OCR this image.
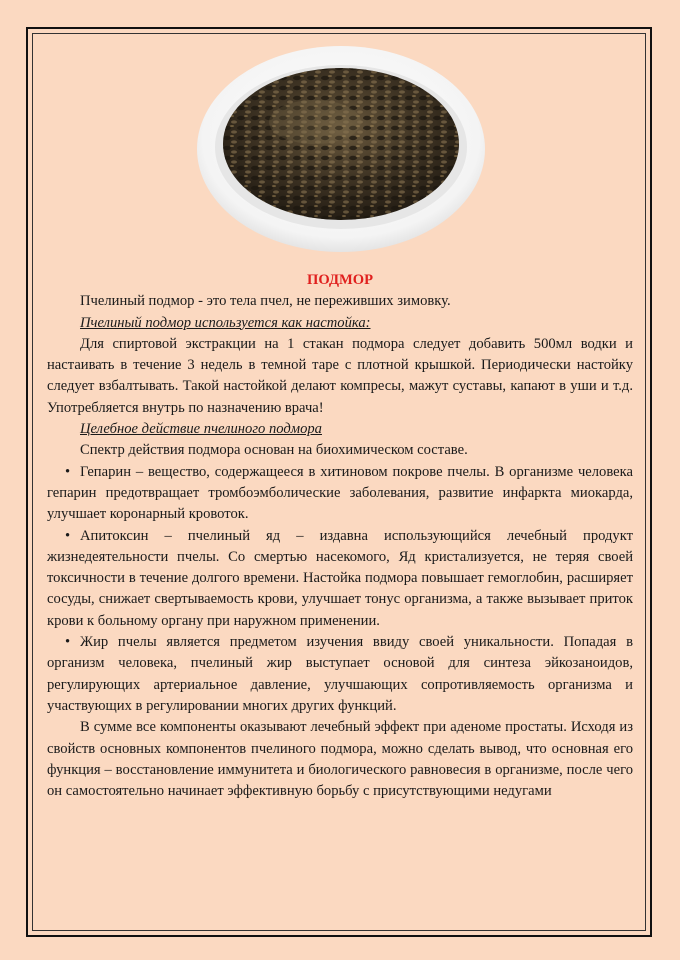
ПОДМОР

Пчелиный подмор - это тела пчел, не переживших зимовку.

Пчелиный подмор используется как настойка:

Для спиртовой экстракции на 1 стакан подмора следует добавить 500мл водки и настаивать в течение 3 недель в темной таре с плотной крышкой. Периодически настойку следует взбалтывать. Такой настойкой делают компресы, мажут суставы, капают в уши и т.д. Употребляется внутрь по назначению врача!

Целебное действие пчелиного подмора

Спектр действия подмора основан на биохимическом составе.

• Гепарин – вещество, содержащееся в хитиновом покрове пчелы. В организме человека гепарин предотвращает тромбоэмболические заболевания, развитие инфаркта миокарда, улучшает коронарный кровоток.

• Апитоксин – пчелиный яд – издавна использующийся лечебный продукт жизнедеятельности пчелы. Со смертью насекомого, Яд кристализуется, не теряя своей токсичности в течение долгого времени. Настойка подмора повышает гемоглобин, расширяет сосуды, снижает свертываемость крови, улучшает тонус организма, а также вызывает приток крови к больному органу при наружном применении.

• Жир пчелы является предметом изучения ввиду своей уникальности. Попадая в организм человека, пчелиный жир выступает основой для синтеза эйкозаноидов, регулирующих артериальное давление, улучшающих сопротивляемость организма и участвующих в регулировании многих других функций.

В сумме все компоненты оказывают лечебный эффект при аденоме простаты. Исходя из свойств основных компонентов пчелиного подмора, можно сделать вывод, что основная его функция – восстановление иммунитета и биологического равновесия в организме, после чего он самостоятельно начинает эффективную борьбу с присутствующими недугами
